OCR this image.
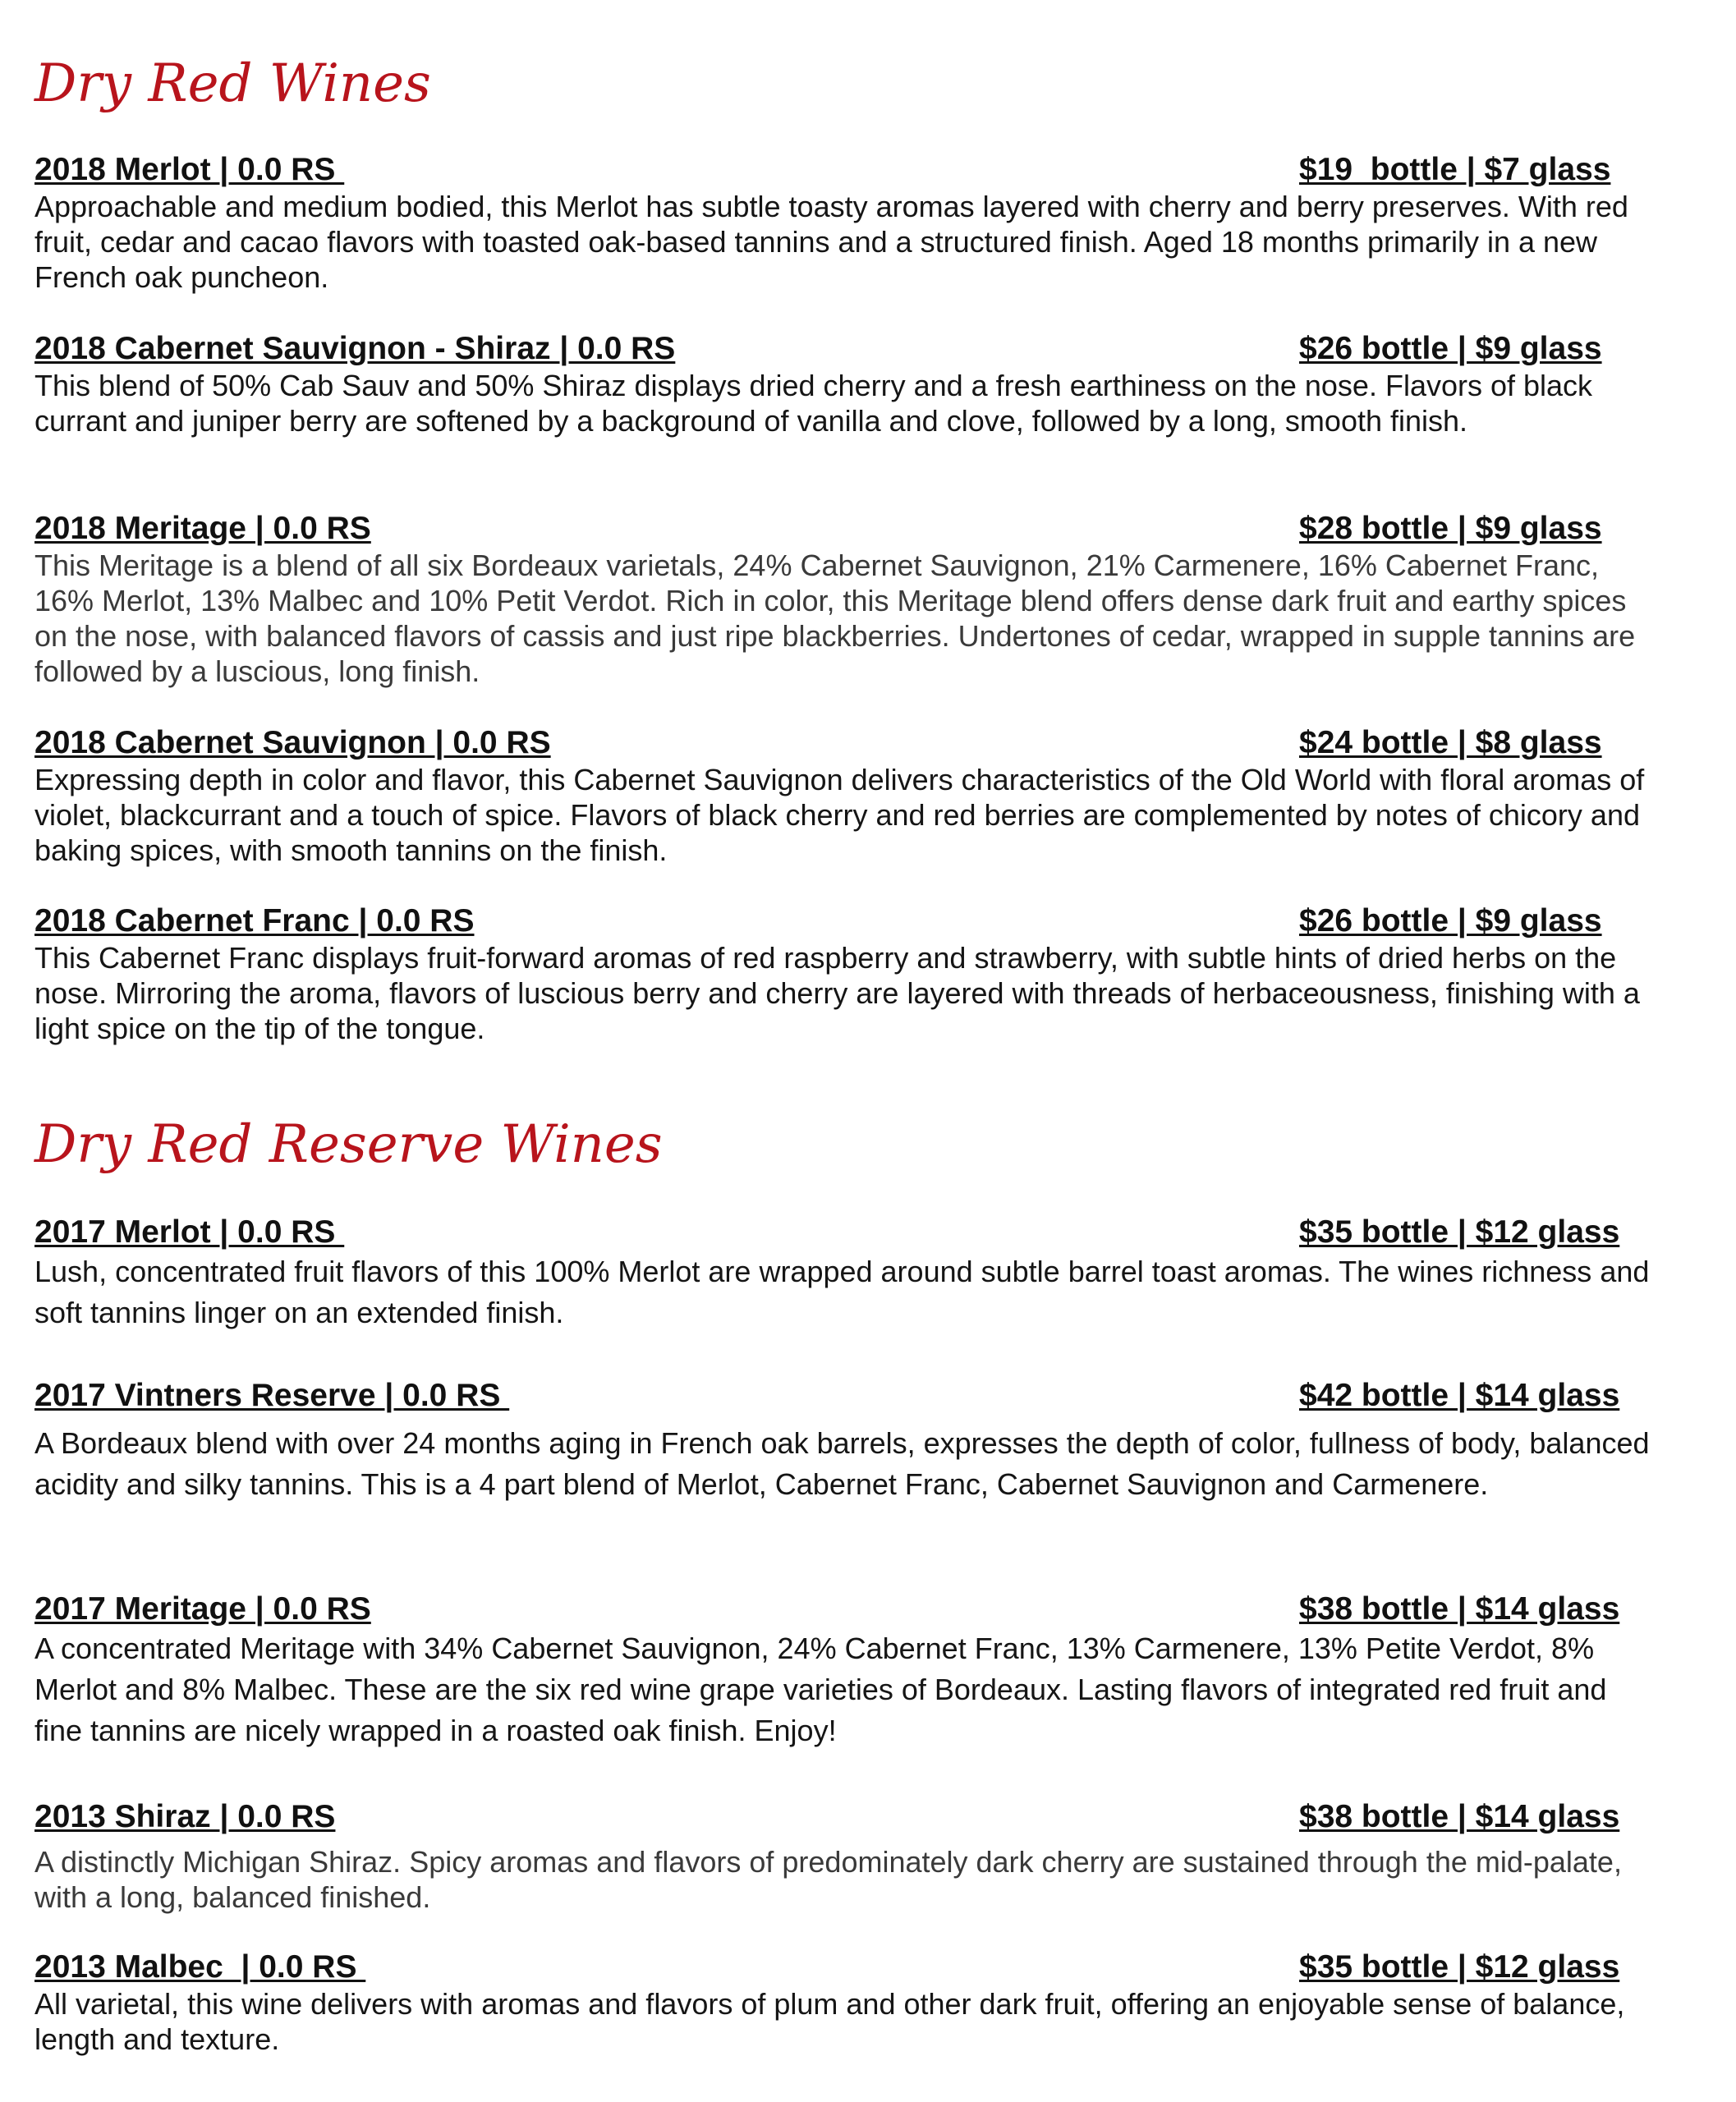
Dry Red Wines
2018 Merlot | 0.0 RS	$19  bottle | $7 glass

Approachable and medium bodied, this Merlot has subtle toasty aromas layered with cherry and berry preserves. With red fruit, cedar and cacao flavors with toasted oak-based tannins and a structured finish. Aged 18 months primarily in a new French oak puncheon.

2018 Cabernet Sauvignon - Shiraz | 0.0 RS	$26 bottle | $9 glass

This blend of 50% Cab Sauv and 50% Shiraz displays dried cherry and a fresh earthiness on the nose. Flavors of black currant and juniper berry are softened by a background of vanilla and clove, followed by a long, smooth finish.

2018 Meritage | 0.0 RS	$28 bottle | $9 glass

This Meritage is a blend of all six Bordeaux varietals, 24% Cabernet Sauvignon, 21% Carmenere, 16% Cabernet Franc, 16% Merlot, 13% Malbec and 10% Petit Verdot. Rich in color, this Meritage blend offers dense dark fruit and earthy spices on the nose, with balanced flavors of cassis and just ripe blackberries. Undertones of cedar, wrapped in supple tannins are followed by a luscious, long finish.

2018 Cabernet Sauvignon | 0.0 RS	$24 bottle | $8 glass

Expressing depth in color and flavor, this Cabernet Sauvignon delivers characteristics of the Old World with floral aromas of violet, blackcurrant and a touch of spice. Flavors of black cherry and red berries are complemented by notes of chicory and baking spices, with smooth tannins on the finish.

2018 Cabernet Franc | 0.0 RS	$26 bottle | $9 glass

This Cabernet Franc displays fruit-forward aromas of red raspberry and strawberry, with subtle hints of dried herbs on the nose. Mirroring the aroma, flavors of luscious berry and cherry are layered with threads of herbaceousness, finishing with a light spice on the tip of the tongue.

Dry Red Reserve Wines
2017 Merlot | 0.0 RS	$35 bottle | $12 glass

Lush, concentrated fruit flavors of this 100% Merlot are wrapped around subtle barrel toast aromas. The wines richness and soft tannins linger on an extended finish.

2017 Vintners Reserve | 0.0 RS	$42 bottle | $14 glass

A Bordeaux blend with over 24 months aging in French oak barrels, expresses the depth of color, fullness of body, balanced acidity and silky tannins. This is a 4 part blend of Merlot, Cabernet Franc, Cabernet Sauvignon and Carmenere.

2017 Meritage | 0.0 RS	$38 bottle | $14 glass

A concentrated Meritage with 34% Cabernet Sauvignon, 24% Cabernet Franc, 13% Carmenere, 13% Petite Verdot, 8% Merlot and 8% Malbec. These are the six red wine grape varieties of Bordeaux. Lasting flavors of integrated red fruit and fine tannins are nicely wrapped in a roasted oak finish. Enjoy!

2013 Shiraz | 0.0 RS	$38 bottle | $14 glass

A distinctly Michigan Shiraz. Spicy aromas and flavors of predominately dark cherry are sustained through the mid-palate, with a long, balanced finished.

2013 Malbec  | 0.0 RS	$35 bottle | $12 glass

All varietal, this wine delivers with aromas and flavors of plum and other dark fruit, offering an enjoyable sense of balance, length and texture.
